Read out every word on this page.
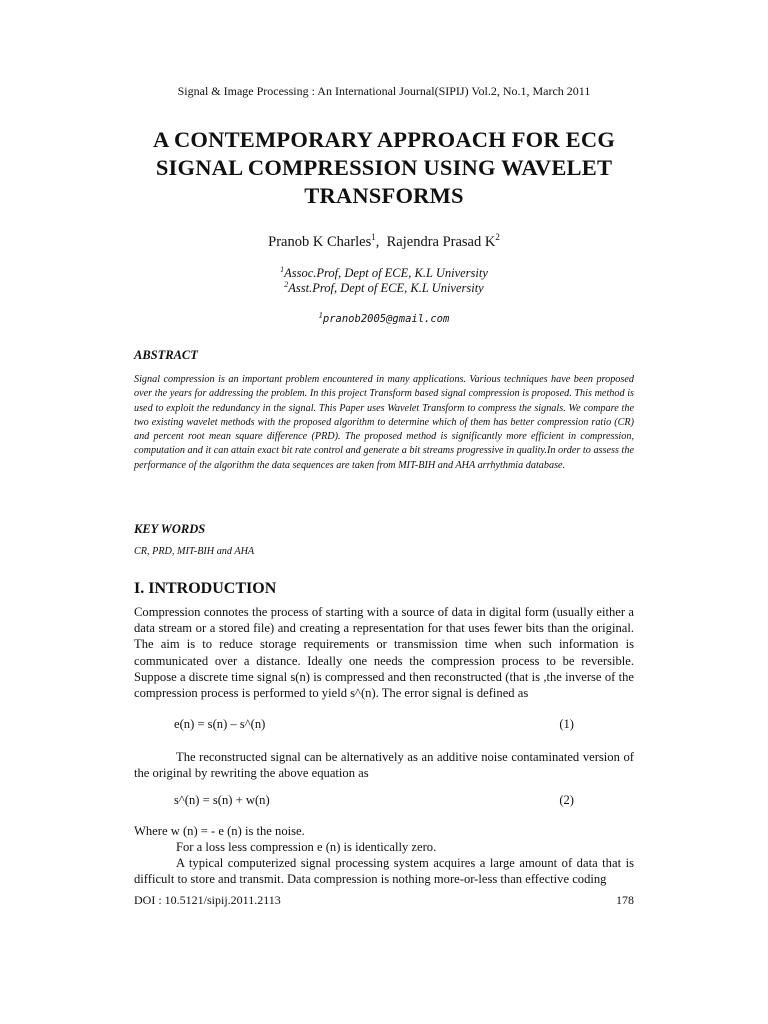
Signal & Image Processing : An International Journal(SIPIJ) Vol.2, No.1, March 2011
A CONTEMPORARY APPROACH FOR ECG
SIGNAL COMPRESSION USING WAVELET
TRANSFORMS
Pranob K Charles$^1$, Rajendra Prasad $K^2$
$^1$Assoc.Prof, Dept of ECE, K.L University
$^2$Asst.Prof, Dept of ECE, K.L University
$^1$pranob2005@gmail.com
ABSTRACT
Signal compression is an important problem encountered in many applications. Various techniques have been proposed over the years for addressing the problem. In this project Transform based signal compression is proposed. This method is used to exploit the redundancy in the signal. This Paper uses Wavelet Transform to compress the signals. We compare the two existing wavelet methods with the proposed algorithm to determine which of them has better compression ratio (CR) and percent root mean square difference (PRD). The proposed method is significantly more efficient in compression, computation and it can attain exact bit rate control and generate a bit streams progressive in quality.In order to assess the performance of the algorithm the data sequences are taken from MIT-BIH and AHA arrhythmia database.
KEY WORDS
CR, PRD, MIT-BIH and AHA
I. INTRODUCTION
Compression connotes the process of starting with a source of data in digital form (usually either a data stream or a stored file) and creating a representation for that uses fewer bits than the original. The aim is to reduce storage requirements or transmission time when such information is communicated over a distance. Ideally one needs the compression process to be reversible. Suppose a discrete time signal s(n) is compressed and then reconstructed (that is ,the inverse of the compression process is performed to yield s^(n). The error signal is defined as
e(n) = s(n) – s^(n)	(1)
The reconstructed signal can be alternatively as an additive noise contaminated version of the original by rewriting the above equation as
s^(n) = s(n) + w(n)	(2)
Where w (n) = - e (n) is the noise.
For a loss less compression e (n) is identically zero.
A typical computerized signal processing system acquires a large amount of data that is difficult to store and transmit. Data compression is nothing more-or-less than effective coding
DOI : 10.5121/sipij.2011.2113	178
